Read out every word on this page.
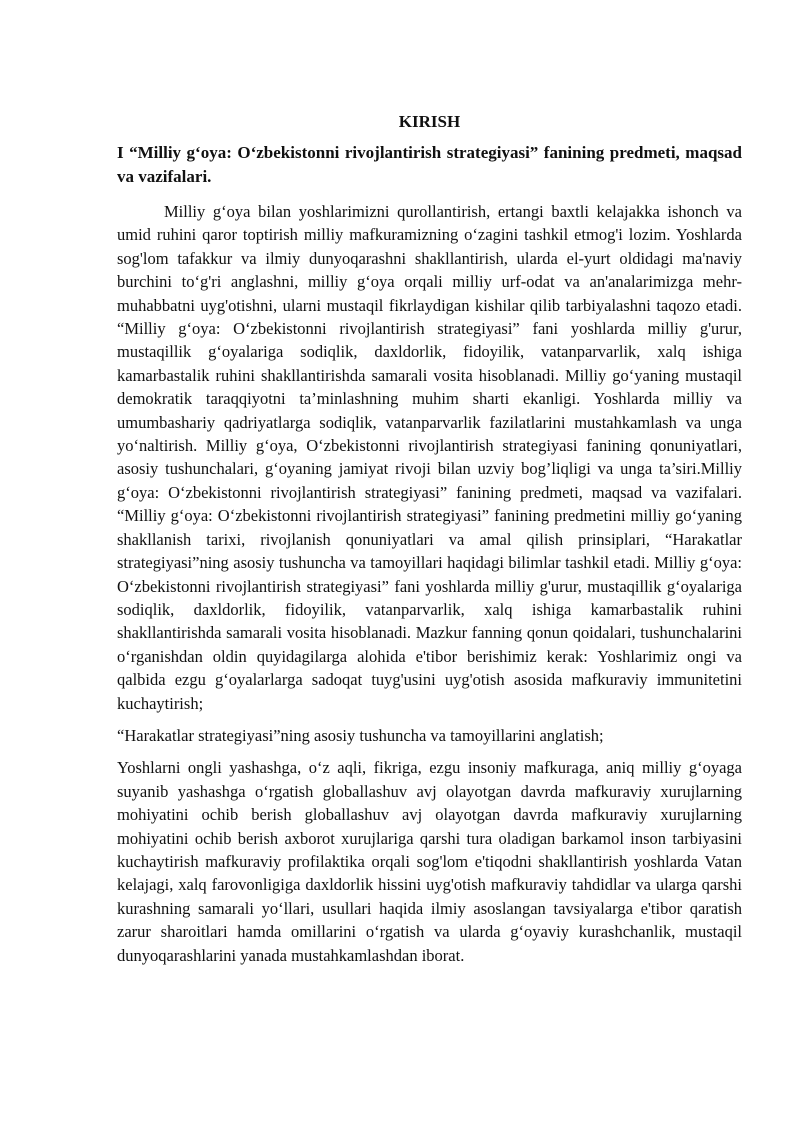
KIRISH
I “Milliy g‘oya: O‘zbekistonni rivojlantirish strategiyasi” fanining predmeti, maqsad va vazifalari.

Milliy g‘oya bilan yoshlarimizni qurollantirish, ertangi baxtli kelajakka ishonch va umid ruhini qaror toptirish milliy mafkuramizning o‘zagini tashkil etmog'i lozim. Yoshlarda sog'lom tafakkur va ilmiy dunyoqarashni shakllantirish, ularda el-yurt oldidagi ma'naviy burchini to‘g'ri anglashni, milliy g‘oya orqali milliy urf-odat va an'analarimizga mehr-muhabbatni uyg'otishni, ularni mustaqil fikrlaydigan kishilar qilib tarbiyalashni taqozo etadi. “Milliy g‘oya: O‘zbekistonni rivojlantirish strategiyasi” fani yoshlarda milliy g'urur, mustaqillik g‘oyalariga sodiqlik, daxldorlik, fidoyilik, vatanparvarlik, xalq ishiga kamarbastalik ruhini shakllantirishda samarali vosita hisoblanadi. Milliy go‘yaning mustaqil demokratik taraqqiyotni ta’minlashning muhim sharti ekanligi. Yoshlarda milliy va umumbashariy qadriyatlarga sodiqlik, vatanparvarlik fazilatlarini mustahkamlash va unga yo‘naltirish. Milliy g‘oya, O‘zbekistonni rivojlantirish strategiyasi fanining qonuniyatlari, asosiy tushunchalari, g‘oyaning jamiyat rivoji bilan uzviy bog’liqligi va unga ta’siri.Milliy g‘oya: O‘zbekistonni rivojlantirish strategiyasi” fanining predmeti, maqsad va vazifalari. “Milliy g‘oya: O‘zbekistonni rivojlantirish strategiyasi” fanining predmetini milliy go‘yaning shakllanish tarixi, rivojlanish qonuniyatlari va amal qilish prinsiplari, “Harakatlar strategiyasi”ning asosiy tushuncha va tamoyillari haqidagi bilimlar tashkil etadi. Milliy g‘oya: O‘zbekistonni rivojlantirish strategiyasi” fani yoshlarda milliy g'urur, mustaqillik g‘oyalariga sodiqlik, daxldorlik, fidoyilik, vatanparvarlik, xalq ishiga kamarbastalik ruhini shakllantirishda samarali vosita hisoblanadi. Mazkur fanning qonun qoidalari, tushunchalarini o‘rganishdan oldin quyidagilarga alohida e'tibor berishimiz kerak: Yoshlarimiz ongi va qalbida ezgu g‘oyalarlarga sadoqat tuyg'usini uyg'otish asosida mafkuraviy immunitetini kuchaytirish;

“Harakatlar strategiyasi”ning asosiy tushuncha va tamoyillarini anglatish;

Yoshlarni ongli yashashga, o‘z aqli, fikriga, ezgu insoniy mafkuraga, aniq milliy g‘oyaga suyanib yashashga o‘rgatish globallashuv avj olayotgan davrda mafkuraviy xurujlarning mohiyatini ochib berish globallashuv avj olayotgan davrda mafkuraviy xurujlarning mohiyatini ochib berish axborot xurujlariga qarshi tura oladigan barkamol inson tarbiyasini kuchaytirish mafkuraviy profilaktika orqali sog'lom e'tiqodni shakllantirish yoshlarda Vatan kelajagi, xalq farovonligiga daxldorlik hissini uyg'otish mafkuraviy tahdidlar va ularga qarshi kurashning samarali yo‘llari, usullari haqida ilmiy asoslangan tavsiyalarga e'tibor qaratish zarur sharoitlari hamda omillarini o‘rgatish va ularda g‘oyaviy kurashchanlik, mustaqil dunyoqarashlarini yanada mustahkamlashdan iborat.
